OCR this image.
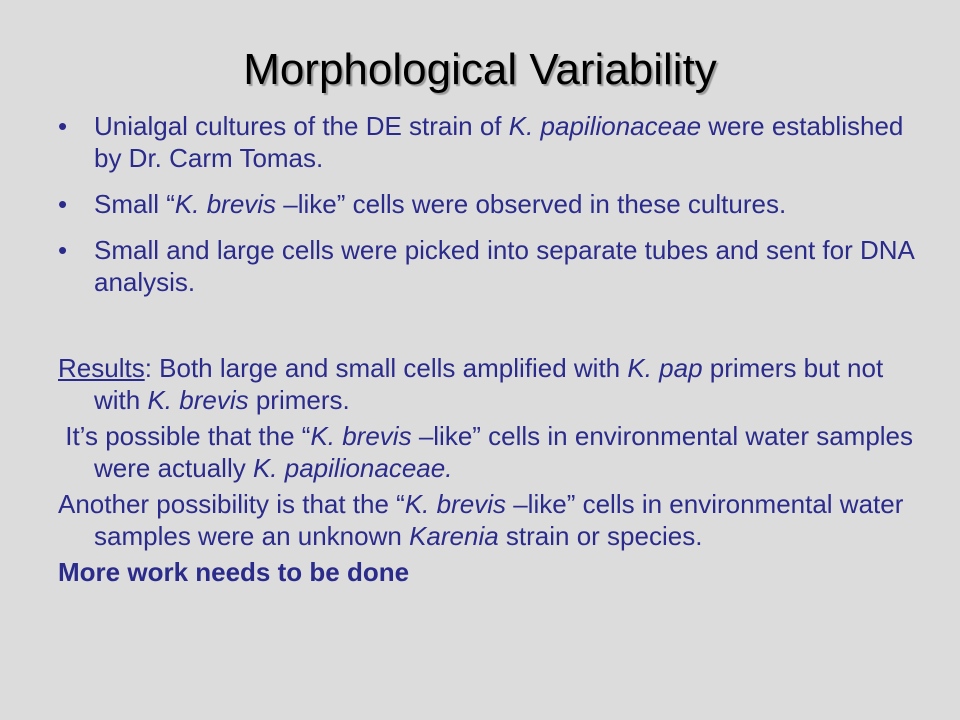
Morphological Variability
• Unialgal cultures of the DE strain of K. papilionaceae were established by Dr. Carm Tomas.
• Small “K. brevis –like” cells were observed in these cultures.
• Small and large cells were picked into separate tubes and sent for DNA analysis.

Results: Both large and small cells amplified with K. pap primers but not with K. brevis primers.

It’s possible that the “K. brevis –like” cells in environmental water samples were actually K. papilionaceae.

Another possibility is that the “K. brevis –like” cells in environmental water samples were an unknown Karenia strain or species.

More work needs to be done
